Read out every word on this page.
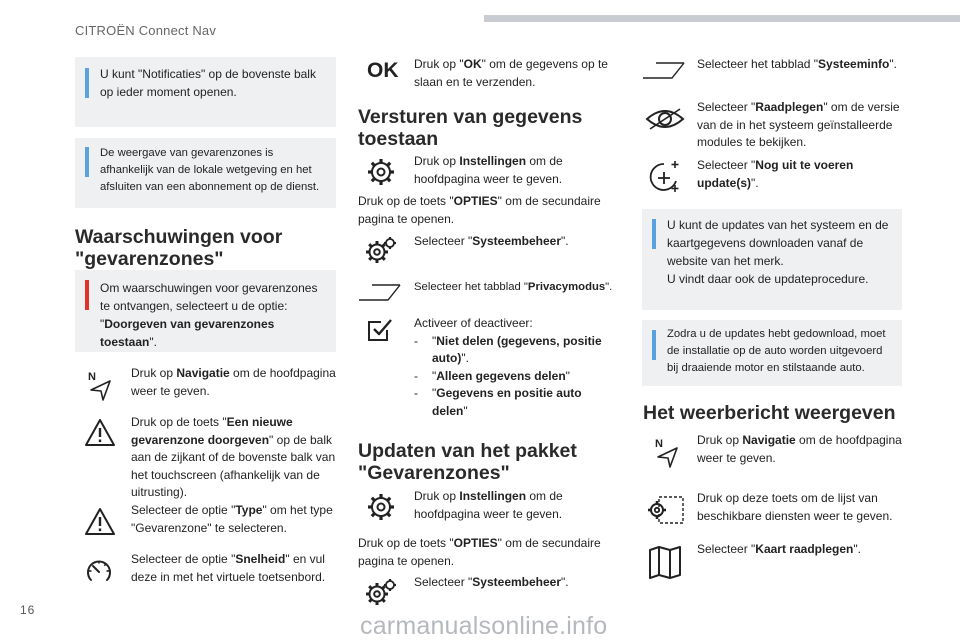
CITROËN Connect Nav
U kunt "Notificaties" op de bovenste balk op ieder moment openen.
De weergave van gevarenzones is afhankelijk van de lokale wetgeving en het afsluiten van een abonnement op de dienst.
Waarschuwingen voor "gevarenzones"
Om waarschuwingen voor gevarenzones te ontvangen, selecteert u de optie: "Doorgeven van gevarenzones toestaan".
N	Druk op Navigatie om de hoofdpagina weer te geven.
Druk op de toets "Een nieuwe gevarenzone doorgeven" op de balk aan de zijkant of de bovenste balk van het touchscreen (afhankelijk van de uitrusting).
Selecteer de optie "Type" om het type "Gevarenzone" te selecteren.
Selecteer de optie "Snelheid" en vul deze in met het virtuele toetsenbord.
OK Druk op "OK" om de gegevens op te slaan en te verzenden.
Versturen van gegevens toestaan
Druk op Instellingen om de hoofdpagina weer te geven.
Druk op de toets "OPTIES" om de secundaire pagina te openen.
Selecteer "Systeembeheer".
Selecteer het tabblad "Privacymodus".

Activeer of deactiveer:

- "Niet delen (gegevens, positie auto)".
- "Alleen gegevens delen"
- "Gegevens en positie auto delen"
Updaten van het pakket "Gevarenzones"
Druk op Instellingen om de hoofdpagina weer te geven.
Druk op de toets "OPTIES" om de secundaire pagina te openen.
Selecteer "Systeembeheer".
Selecteer het tabblad "Systeeminfo".
Selecteer "Raadplegen" om de versie van de in het systeem geïnstalleerde modules te bekijken.
Selecteer "Nog uit te voeren update(s)".
U kunt de updates van het systeem en de kaartgegevens downloaden vanaf de website van het merk.
U vindt daar ook de updateprocedure.
Zodra u de updates hebt gedownload, moet de installatie op de auto worden uitgevoerd bij draaiende motor en stilstaande auto.
Het weerbericht weergeven
N	Druk op Navigatie om de hoofdpagina weer te geven.
Druk op deze toets om de lijst van beschikbare diensten weer te geven.
Selecteer "Kaart raadplegen".
16
carmanualsonline.info
